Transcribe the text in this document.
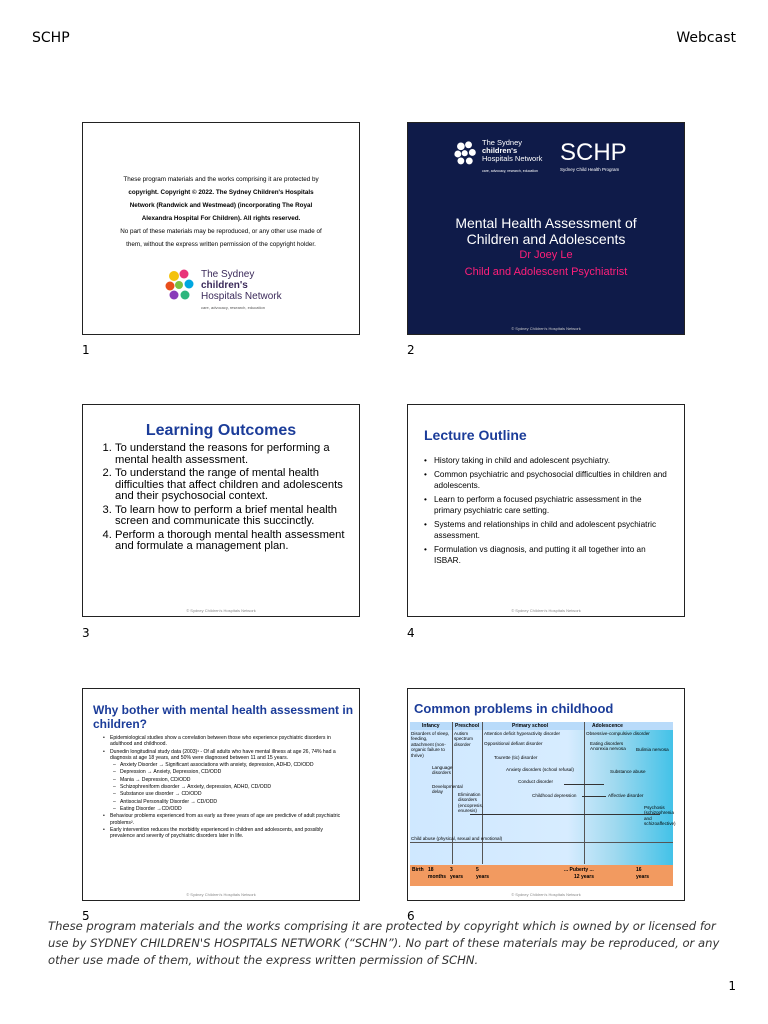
SCHP	Webcast

These program materials and the works comprising it are protected by

copyright. Copyright © 2022. The Sydney Children's Hospitals

Network (Randwick and Westmead) (incorporating The Royal

Alexandra Hospital For Children). All rights reserved.

No part of these materials may be reproduced, or any other use made of

them, without the express written permission of the copyright holder.

The Sydney
children's
Hospitals Network
care, advocacy, research, education
1
The Sydney
children's
Hospitals Network
care, advocacy, research, education
SCHP
Sydney Child Health Program
Mental Health Assessment of
Children and Adolescents
Dr Joey Le
Child and Adolescent Psychiatrist
© Sydney Children's Hospitals Network
2
Learning Outcomes
1. To understand the reasons for performing a mental health assessment.
2. To understand the range of mental health difficulties that affect children and adolescents and their psychosocial context.
3. To learn how to perform a brief mental health screen and communicate this succinctly.
4. Perform a thorough mental health assessment and formulate a management plan.
© Sydney Children's Hospitals Network
3
Lecture Outline
• History taking in child and adolescent psychiatry.
• Common psychiatric and psychosocial difficulties in children and adolescents.
• Learn to perform a focused psychiatric assessment in the primary psychiatric care setting.
• Systems and relationships in child and adolescent psychiatric assessment.
• Formulation vs diagnosis, and putting it all together into an ISBAR.
© Sydney Children's Hospitals Network
4
Why bother with mental health assessment in children?
• Epidemiological studies show a correlation between those who experience psychiatric disorders in adulthood and childhood.
• Dunedin longitudinal study data (2003)¹ - Of all adults who have mental illness at age 26, 74% had a diagnosis at age 18 years, and 50% were diagnosed between 11 and 15 years.
– Anxiety Disorder → Significant associations with anxiety, depression, ADHD, CD/ODD
– Depression → Anxiety, Depression, CD/ODD
– Mania → Depression, CD/ODD
– Schizophreniform disorder → Anxiety, depression, ADHD, CD/ODD
– Substance use disorder → CD/ODD
– Antisocial Personality Disorder → CD/ODD
– Eating Disorder →CD/ODD
• Behaviour problems experienced from as early as three years of age are predictive of adult psychiatric problems².
• Early intervention reduces the morbidity experienced in children and adolescents, and possibly prevalence and severity of psychiatric disorders later in life.
© Sydney Children's Hospitals Network
5
Common problems in childhood
Infancy	Preschool	Primary school	Adolescence
Disorders of sleep, feeding, attachment (non-organic failure to thrive)
Autism spectrum disorder
Attention deficit hyperactivity disorder	Obsessive-compulsive disorder
Oppositional defiant disorder	Eating disorders Anorexia nervosa	Bulimia nervosa
Tourette (tic) disorder
Language disorders
Anxiety disorders (school refusal)	Substance abuse
Developmental delay
Conduct disorder
Elimination disorders (encopresis, enuresis)
Childhood depression	Affective disorder
Psychosis (schizophrenia and schizoaffective)
Child abuse (physical, sexual and emotional)
Birth 18 months
3 years
5 years
... Puberty ...
12 years
16 years
© Sydney Children's Hospitals Network
6
These program materials and the works comprising it are protected by copyright which is owned by or licensed for use by SYDNEY CHILDREN'S HOSPITALS NETWORK (“SCHN”). No part of these materials may be reproduced, or any other use made of them, without the express written permission of SCHN.
1
